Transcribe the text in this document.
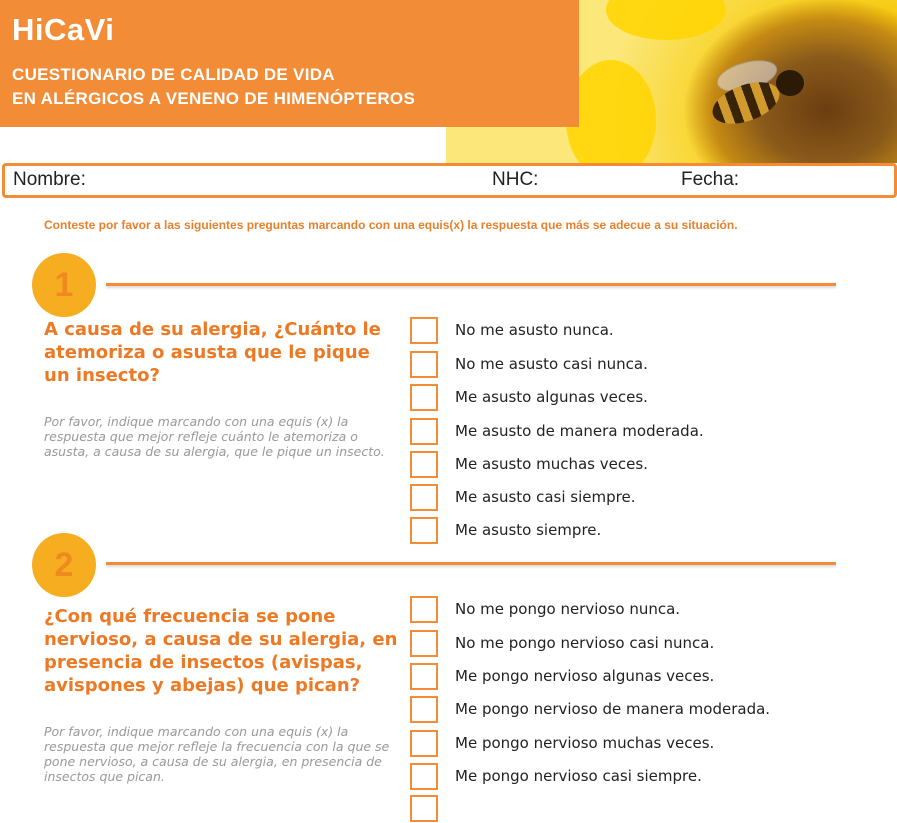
HiCaVi
CUESTIONARIO DE CALIDAD DE VIDA
EN ALÉRGICOS A VENENO DE HIMENÓPTEROS
Nombre:	NHC:	Fecha:
Conteste por favor a las siguientes preguntas marcando con una equis(x) la respuesta que más se adecue a su situación.
1

A causa de su alergia, ¿Cuánto le atemoriza o asusta que le pique un insecto?

Por favor, indique marcando con una equis (x) la respuesta que mejor refleje cuánto le atemoriza o asusta, a causa de su alergia, que le pique un insecto.

No me asusto nunca.
No me asusto casi nunca.
Me asusto algunas veces.
Me asusto de manera moderada.
Me asusto muchas veces.
Me asusto casi siempre.
Me asusto siempre.
2

¿Con qué frecuencia se pone nervioso, a causa de su alergia, en presencia de insectos (avispas, avispones y abejas) que pican?

Por favor, indique marcando con una equis (x) la respuesta que mejor refleje la frecuencia con la que se pone nervioso, a causa de su alergia, en presencia de insectos que pican.

No me pongo nervioso nunca.
No me pongo nervioso casi nunca.
Me pongo nervioso algunas veces.
Me pongo nervioso de manera moderada.
Me pongo nervioso muchas veces.
Me pongo nervioso casi siempre.
